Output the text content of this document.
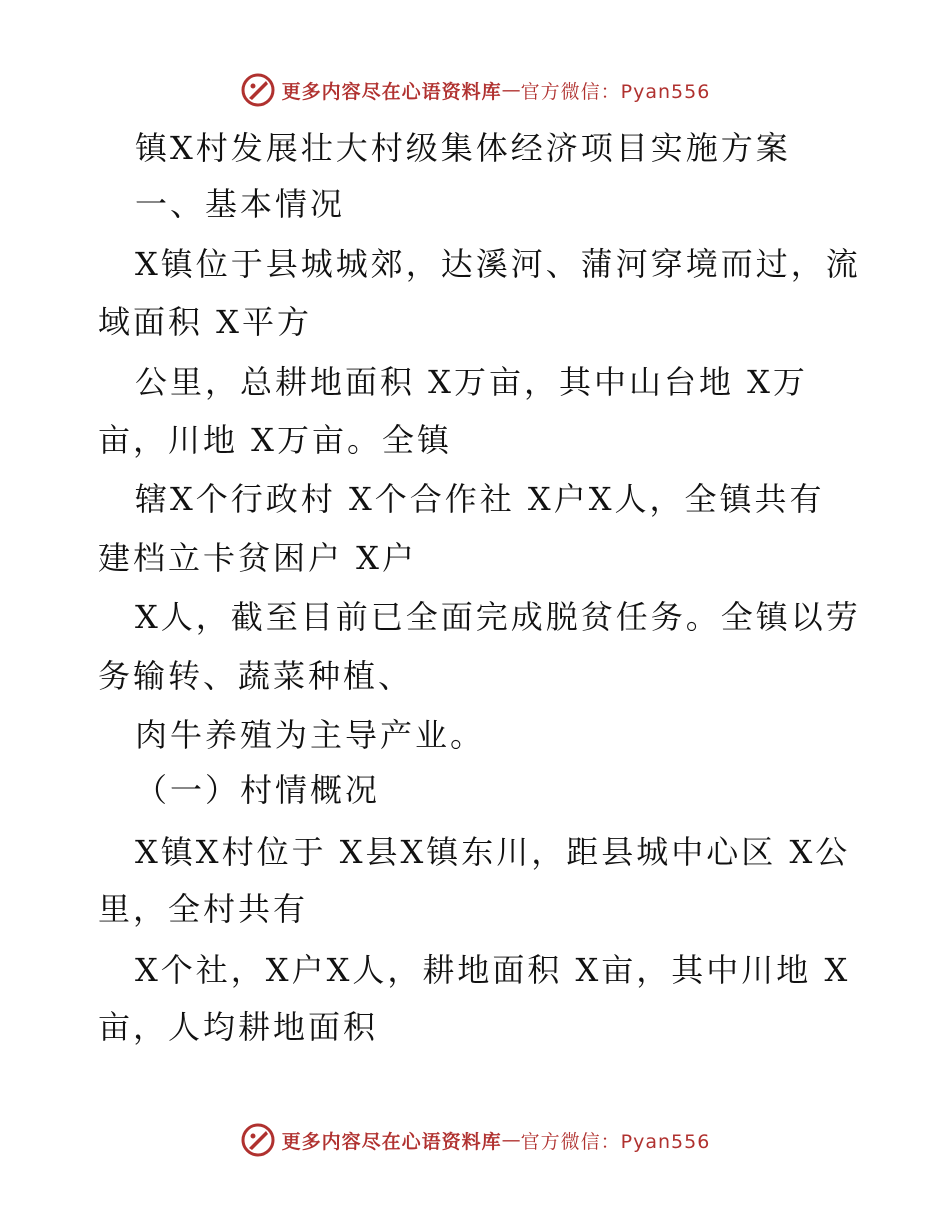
更多内容尽在心语资料库 — 官方微信：Pyan556
镇X村发展壮大村级集体经济项目实施方案
一、基本情况
X镇位于县城城郊，达溪河、蒲河穿境而过，流
域面积 X平方
公里，总耕地面积 X万亩，其中山台地 X万
亩，川地 X万亩。全镇
辖X个行政村 X个合作社 X户X人，全镇共有
建档立卡贫困户 X户
X人，截至目前已全面完成脱贫任务。全镇以劳
务输转、蔬菜种植、
肉牛养殖为主导产业。
（一）村情概况
X镇X村位于 X县X镇东川，距县城中心区 X公
里，全村共有
X个社，X户X人，耕地面积 X亩，其中川地 X
亩，人均耕地面积
更多内容尽在心语资料库 — 官方微信：Pyan556
